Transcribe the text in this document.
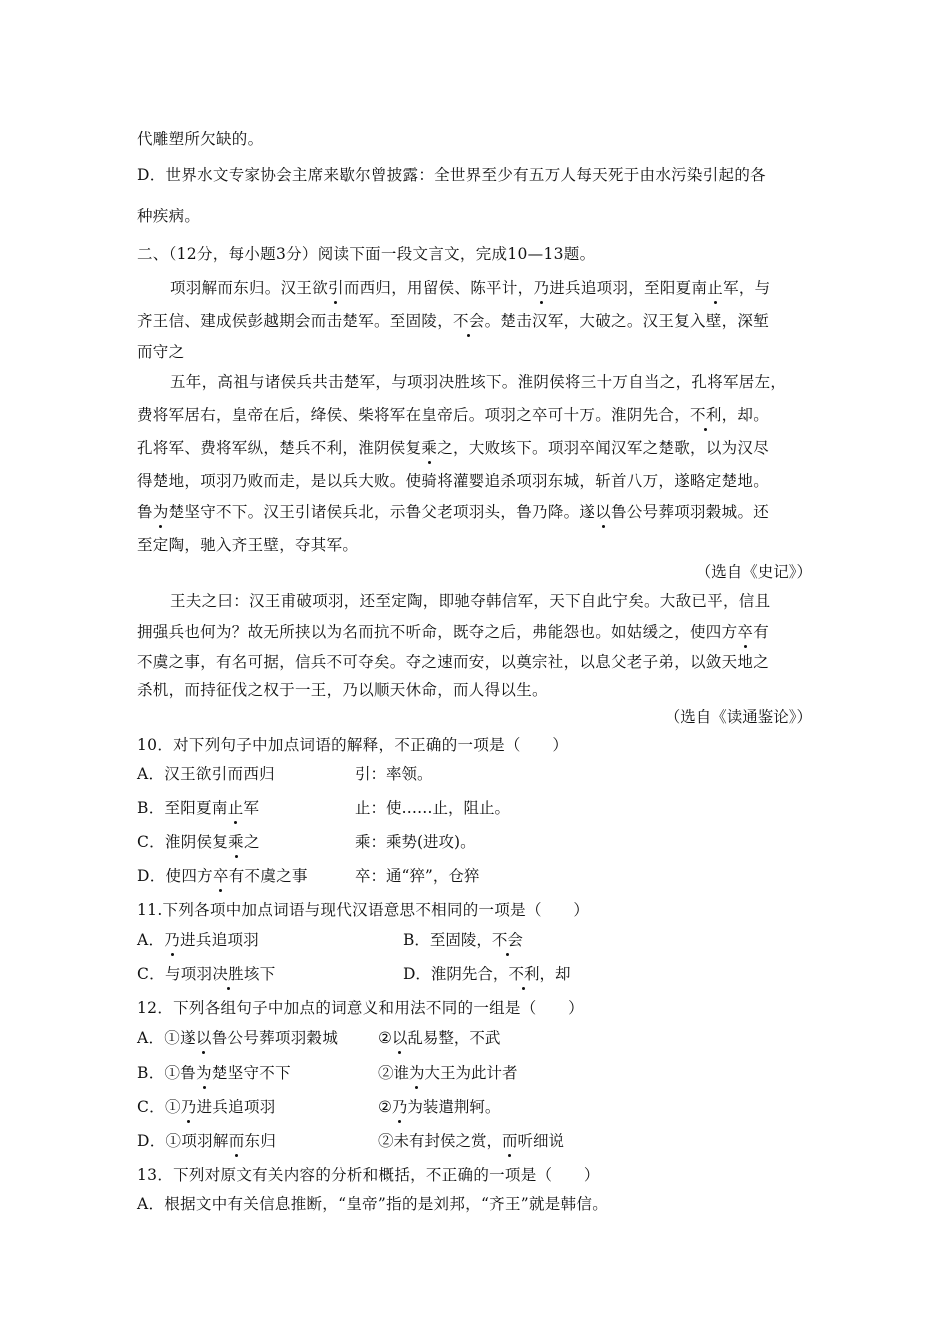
代雕塑所欠缺的。
D．世界水文专家协会主席来歇尔曾披露：全世界至少有五万人每天死于由水污染引起的各
种疾病。
二、（12分，每小题3分）阅读下面一段文言文，完成10—13题。
项羽解而东归。汉王欲引而西归，用留侯、陈平计，乃进兵追项羽，至阳夏南止军，与
齐王信、建成侯彭越期会而击楚军。至固陵，不会。楚击汉军，大破之。汉王复入壁，深堑
而守之
五年，高祖与诸侯兵共击楚军，与项羽决胜垓下。淮阴侯将三十万自当之，孔将军居左，
费将军居右，皇帝在后，绛侯、柴将军在皇帝后。项羽之卒可十万。淮阴先合，不利，却。
孔将军、费将军纵，楚兵不利，淮阴侯复乘之，大败垓下。项羽卒闻汉军之楚歌，以为汉尽
得楚地，项羽乃败而走，是以兵大败。使骑将灌婴追杀项羽东城，斩首八万，遂略定楚地。
鲁为楚坚守不下。汉王引诸侯兵北，示鲁父老项羽头，鲁乃降。遂以鲁公号葬项羽穀城。还
至定陶，驰入齐王壁，夺其军。
（选自《史记》）
王夫之曰：汉王甫破项羽，还至定陶，即驰夺韩信军，天下自此宁矣。大敌已平，信且
拥强兵也何为？故无所挟以为名而抗不听命，既夺之后，弗能怨也。如姑缓之，使四方卒有
不虞之事，有名可据，信兵不可夺矣。夺之速而安，以奠宗社，以息父老子弟，以敛天地之
杀机，而持征伐之权于一王，乃以顺天休命，而人得以生。
（选自《读通鉴论》）
10．对下列句子中加点词语的解释，不正确的一项是（　　）
A．汉王欲引而西归	引：率领。
B．至阳夏南止军	止：使……止，阻止。
C．淮阴侯复乘之	乘：乘势(进攻)。
D．使四方卒有不虞之事	卒：通“猝”，仓猝
11.下列各项中加点词语与现代汉语意思不相同的一项是（　　）
A．乃进兵追项羽	B．至固陵，不会
C．与项羽决胜垓下	D．淮阴先合，不利，却
12．下列各组句子中加点的词意义和用法不同的一组是（　　）
A．①遂以鲁公号葬项羽穀城	②以乱易整，不武
B．①鲁为楚坚守不下	②谁为大王为此计者
C．①乃进兵追项羽	②乃为装遣荆轲。
D．①项羽解而东归	②未有封侯之赏，而听细说
13．下列对原文有关内容的分析和概括，不正确的一项是（　　）
A．根据文中有关信息推断，“皇帝”指的是刘邦，“齐王”就是韩信。
